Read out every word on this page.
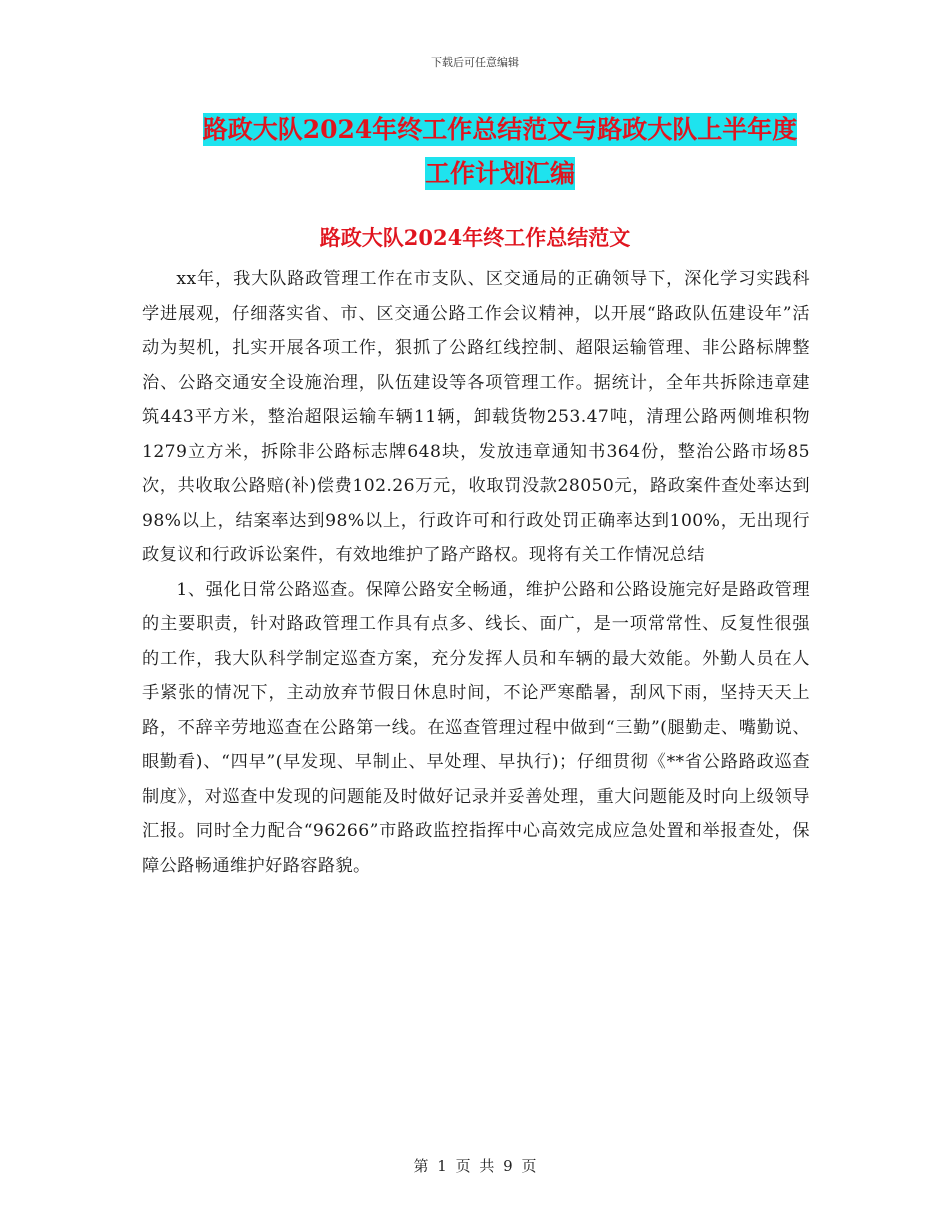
下载后可任意编辑
路政大队2024年终工作总结范文与路政大队上半年度
工作计划汇编
路政大队2024年终工作总结范文

xx年，我大队路政管理工作在市支队、区交通局的正确领导下，深化学习实践科学进展观，仔细落实省、市、区交通公路工作会议精神，以开展“路政队伍建设年”活动为契机，扎实开展各项工作，狠抓了公路红线控制、超限运输管理、非公路标牌整治、公路交通安全设施治理，队伍建设等各项管理工作。据统计，全年共拆除违章建筑443平方米，整治超限运输车辆11辆，卸载货物253.47吨，清理公路两侧堆积物1279立方米，拆除非公路标志牌648块，发放违章通知书364份，整治公路市场85次，共收取公路赔(补)偿费102.26万元，收取罚没款28050元，路政案件查处率达到98%以上，结案率达到98%以上，行政许可和行政处罚正确率达到100%，无出现行政复议和行政诉讼案件，有效地维护了路产路权。现将有关工作情况总结

1、强化日常公路巡查。保障公路安全畅通，维护公路和公路设施完好是路政管理的主要职责，针对路政管理工作具有点多、线长、面广，是一项常常性、反复性很强的工作，我大队科学制定巡查方案，充分发挥人员和车辆的最大效能。外勤人员在人手紧张的情况下，主动放弃节假日休息时间，不论严寒酷暑，刮风下雨，坚持天天上路，不辞辛劳地巡查在公路第一线。在巡查管理过程中做到“三勤”(腿勤走、嘴勤说、眼勤看)、“四早”(早发现、早制止、早处理、早执行)；仔细贯彻《**省公路路政巡查制度》，对巡查中发现的问题能及时做好记录并妥善处理，重大问题能及时向上级领导汇报。同时全力配合“96266”市路政监控指挥中心高效完成应急处置和举报查处，保障公路畅通维护好路容路貌。

第 1 页 共 9 页
